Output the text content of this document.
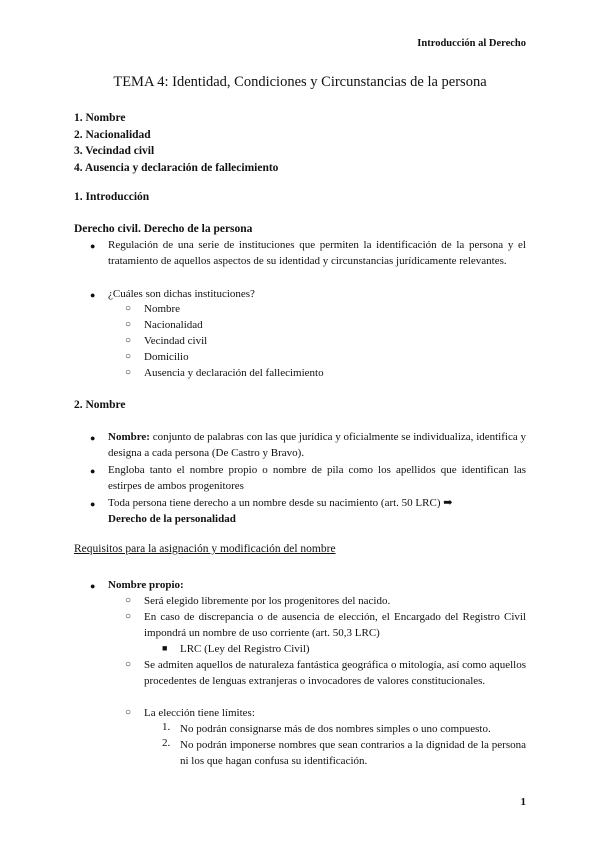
Introducción al Derecho
TEMA 4: Identidad, Condiciones y Circunstancias de la persona
1. Nombre
2. Nacionalidad
3. Vecindad civil
4. Ausencia y declaración de fallecimiento
1. Introducción
Derecho civil. Derecho de la persona
● Regulación de una serie de instituciones que permiten la identificación de la persona y el tratamiento de aquellos aspectos de su identidad y circunstancias jurídicamente relevantes.
● ¿Cuáles son dichas instituciones?
○ Nombre
○ Nacionalidad
○ Vecindad civil
○ Domicilio
○ Ausencia y declaración del fallecimiento
2. Nombre
● Nombre: conjunto de palabras con las que jurídica y oficialmente se individualiza, identifica y designa a cada persona (De Castro y Bravo).
● Engloba tanto el nombre propio o nombre de pila como los apellidos que identifican las estirpes de ambos progenitores
● Toda persona tiene derecho a un nombre desde su nacimiento (art. 50 LRC) ➡
Derecho de la personalidad
Requisitos para la asignación y modificación del nombre
● Nombre propio:
○ Será elegido libremente por los progenitores del nacido.
○ En caso de discrepancia o de ausencia de elección, el Encargado del Registro Civil impondrá un nombre de uso corriente (art. 50,3 LRC)
■ LRC (Ley del Registro Civil)
○ Se admiten aquellos de naturaleza fantástica geográfica o mitología, así como aquellos procedentes de lenguas extranjeras o invocadores de valores constitucionales.
○ La elección tiene límites:
1. No podrán consignarse más de dos nombres simples o uno compuesto.
2. No podrán imponerse nombres que sean contrarios a la dignidad de la persona ni los que hagan confusa su identificación.
1
